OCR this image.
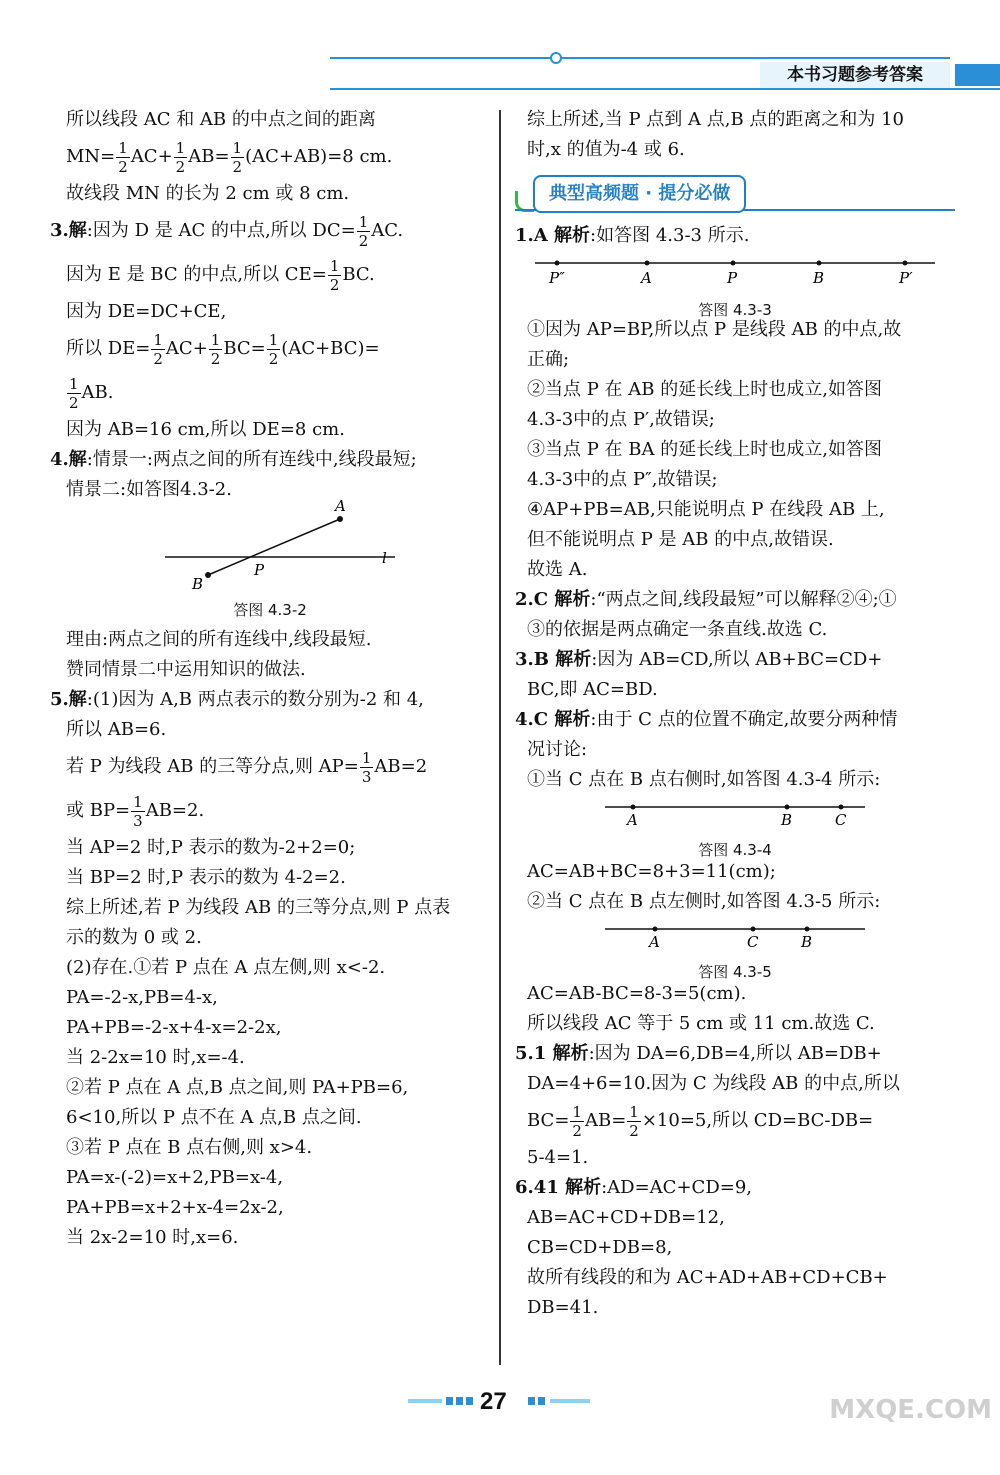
本书习题参考答案

所以线段 AC 和 AB 的中点之间的距离

$MN= \frac{1}{2} AC+ \frac{1}{2} AB= \frac{1}{2} (AC+AB)=8$ cm.

故线段 MN 的长为 2 cm 或 8 cm.

3.解:因为 D 是 AC 的中点,所以 $DC= \frac{1}{2}$ AC.

因为 E 是 BC 的中点,所以 $CE= \frac{1}{2}$ BC.

因为 DE=DC+CE,

所以 $DE= \frac{1}{2} AC+ \frac{1}{2} BC= \frac{1}{2} (AC+BC)=$

$\frac{1}{2}$ AB.

因为 AB=16 cm,所以 DE=8 cm.

4.解:情景一:两点之间的所有连线中,线段最短;

情景二:如答图4.3-2.

A
B
P
l
答图 4.3-2

理由:两点之间的所有连线中,线段最短.

赞同情景二中运用知识的做法.

5.解:(1)因为 A,B 两点表示的数分别为-2 和 4,

所以 AB=6.

若 P 为线段 AB 的三等分点,则 $AP= \frac{1}{3} AB=2$

或 $BP= \frac{1}{3} AB=2$.

当 AP=2 时,P 表示的数为-2+2=0;

当 BP=2 时,P 表示的数为 4-2=2.

综上所述,若 P 为线段 AB 的三等分点,则 P 点表

示的数为 0 或 2.

(2)存在.①若 P 点在 A 点左侧,则 x<-2.

PA=-2-x,PB=4-x,

PA+PB=-2-x+4-x=2-2x,

当 2-2x=10 时,x=-4.

②若 P 点在 A 点,B 点之间,则 PA+PB=6,

6<10,所以 P 点不在 A 点,B 点之间.

③若 P 点在 B 点右侧,则 x>4.

PA=x-(-2)=x+2,PB=x-4,

PA+PB=x+2+x-4=2x-2,

当 2x-2=10 时,x=6.

综上所述,当 P 点到 A 点,B 点的距离之和为 10

时,x 的值为-4 或 6.

典型高频题 · 提分必做

1.A 解析:如答图 4.3-3 所示.

P″	A	P	B	P′
答图 4.3-3

①因为 AP=BP,所以点 P 是线段 AB 的中点,故

正确;

②当点 P 在 AB 的延长线上时也成立,如答图

4.3-3中的点 P′,故错误;

③当点 P 在 BA 的延长线上时也成立,如答图

4.3-3中的点 P″,故错误;

④AP+PB=AB,只能说明点 P 在线段 AB 上,

但不能说明点 P 是 AB 的中点,故错误.

故选 A.

2.C 解析:“两点之间,线段最短”可以解释②④;①

③的依据是两点确定一条直线.故选 C.

3.B 解析:因为 AB=CD,所以 AB+BC=CD+

BC,即 AC=BD.

4.C 解析:由于 C 点的位置不确定,故要分两种情

况讨论:

①当 C 点在 B 点右侧时,如答图 4.3-4 所示:

A	B	C
答图 4.3-4

AC=AB+BC=8+3=11(cm);

②当 C 点在 B 点左侧时,如答图 4.3-5 所示:

A	C	B
答图 4.3-5

AC=AB-BC=8-3=5(cm).

所以线段 AC 等于 5 cm 或 11 cm.故选 C.

5.1 解析:因为 DA=6,DB=4,所以 AB=DB+

DA=4+6=10.因为 C 为线段 AB 的中点,所以

$BC= \frac{1}{2} AB= \frac{1}{2} \times 10=5$,所以 CD=BC-DB=

5-4=1.

6.41 解析:AD=AC+CD=9,

AB=AC+CD+DB=12,

CB=CD+DB=8,

故所有线段的和为 AC+AD+AB+CD+CB+

DB=41.

27	MXQE.COM
